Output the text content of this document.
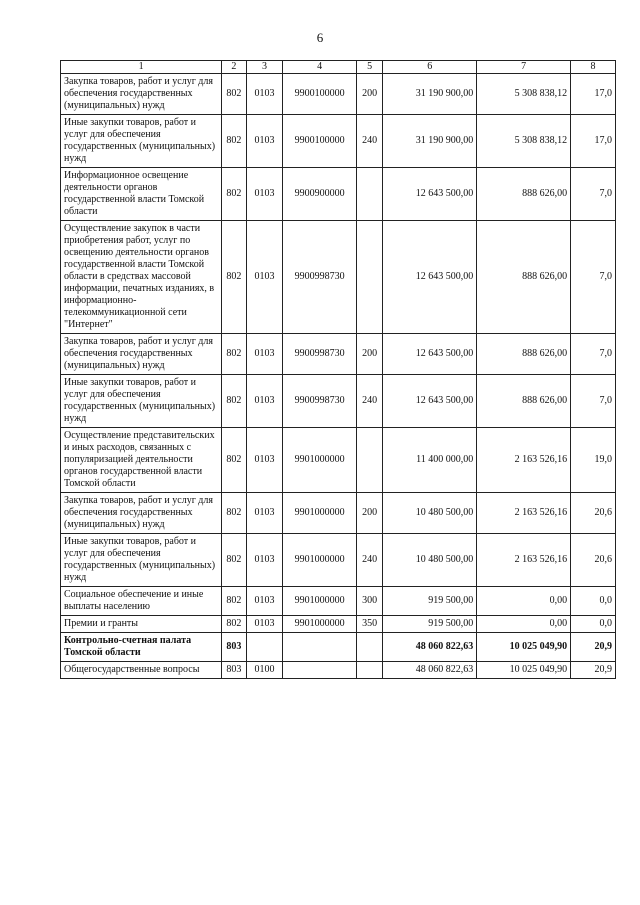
6
1	2	3	4	5	6	7	8
Закупка товаров, работ и услуг для обеспечения государственных (муниципальных) нужд	802	0103	9900100000	200	31 190 900,00	5 308 838,12	17,0
Иные закупки товаров, работ и услуг для обеспечения государственных (муниципальных) нужд	802	0103	9900100000	240	31 190 900,00	5 308 838,12	17,0
Информационное освещение деятельности органов государственной власти Томской области	802	0103	9900900000		12 643 500,00	888 626,00	7,0
Осуществление закупок в части приобретения работ, услуг по освещению деятельности органов государственной власти Томской области в средствах массовой информации, печатных изданиях, в информационно-телекоммуникационной сети "Интернет"	802	0103	9900998730		12 643 500,00	888 626,00	7,0
Закупка товаров, работ и услуг для обеспечения государственных (муниципальных) нужд	802	0103	9900998730	200	12 643 500,00	888 626,00	7,0
Иные закупки товаров, работ и услуг для обеспечения государственных (муниципальных) нужд	802	0103	9900998730	240	12 643 500,00	888 626,00	7,0
Осуществление представительских и иных расходов, связанных с популяризацией деятельности органов государственной власти Томской области	802	0103	9901000000		11 400 000,00	2 163 526,16	19,0
Закупка товаров, работ и услуг для обеспечения государственных (муниципальных) нужд	802	0103	9901000000	200	10 480 500,00	2 163 526,16	20,6
Иные закупки товаров, работ и услуг для обеспечения государственных (муниципальных) нужд	802	0103	9901000000	240	10 480 500,00	2 163 526,16	20,6
Социальное обеспечение и иные выплаты населению	802	0103	9901000000	300	919 500,00	0,00	0,0
Премии и гранты	802	0103	9901000000	350	919 500,00	0,00	0,0
Контрольно-счетная палата Томской области	803				48 060 822,63	10 025 049,90	20,9
Общегосударственные вопросы	803	0100			48 060 822,63	10 025 049,90	20,9
